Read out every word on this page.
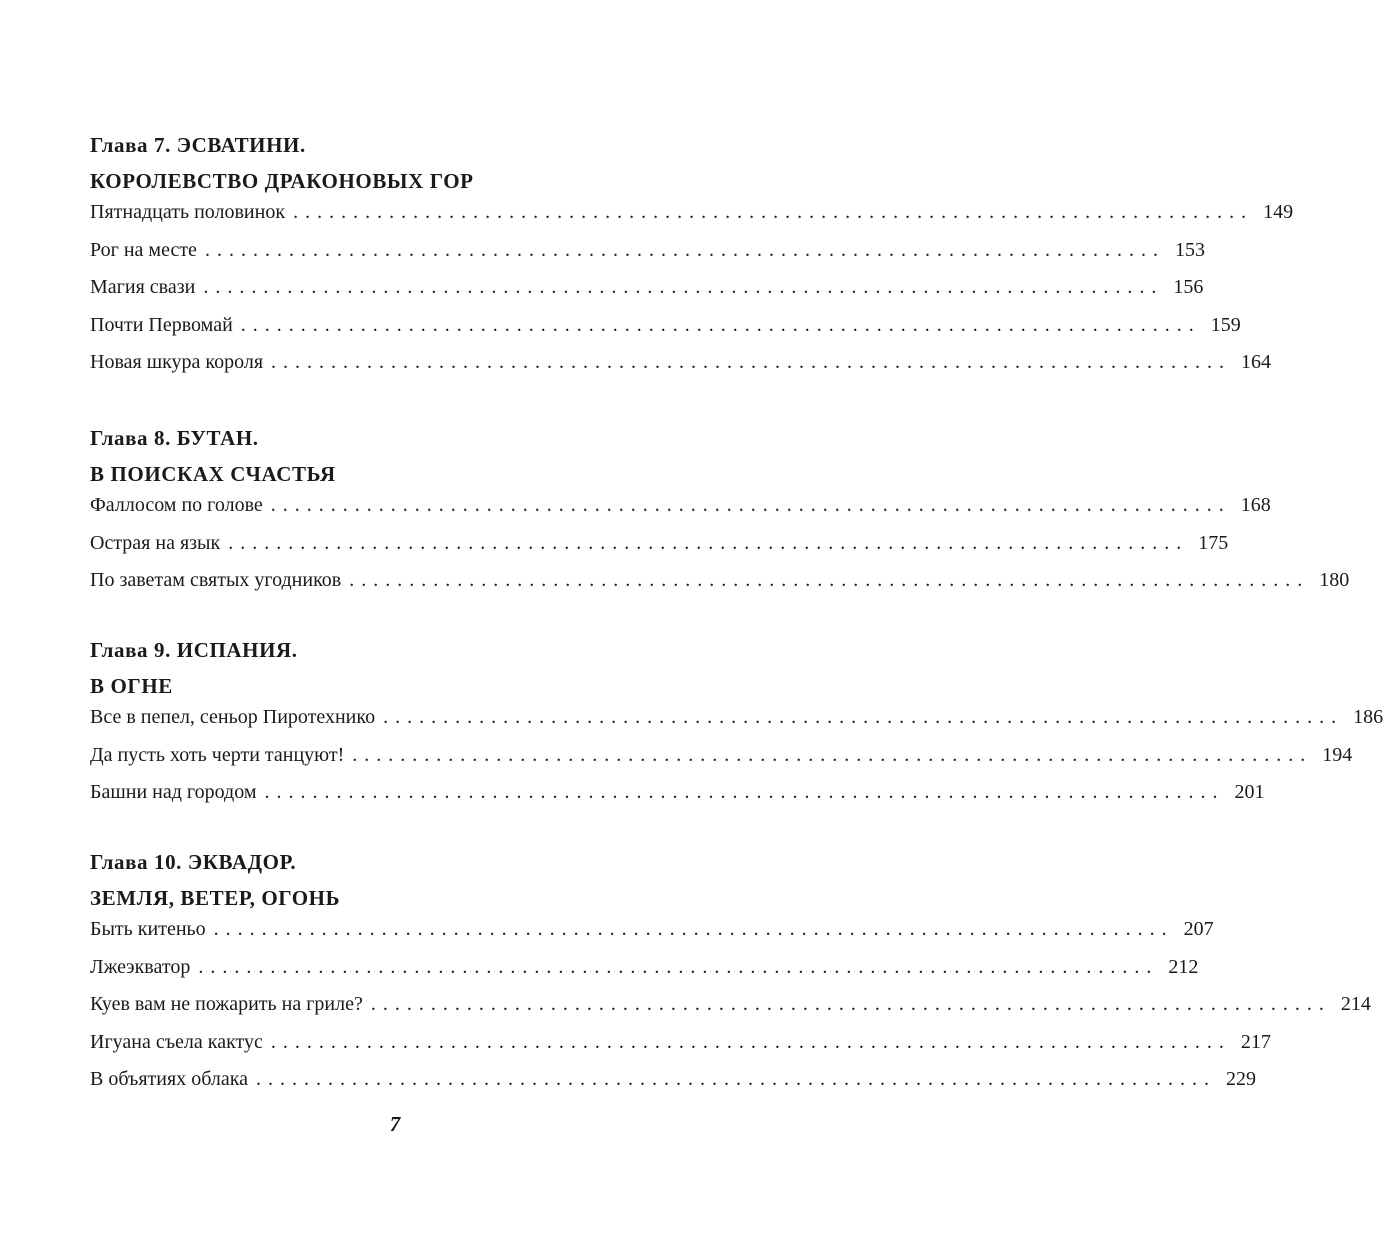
Глава 7. ЭСВАТИНИ.
КОРОЛЕВСТВО ДРАКОНОВЫХ ГОР
Пятнадцать половинок ................................................................................ 149
Рог на месте ................................................................................ 153
Магия свази ................................................................................ 156
Почти Первомай ................................................................................ 159
Новая шкура короля ................................................................................ 164
Глава 8. БУТАН.
В ПОИСКАХ СЧАСТЬЯ
Фаллосом по голове ................................................................................ 168
Острая на язык ................................................................................ 175
По заветам святых угодников ................................................................................ 180
Глава 9. ИСПАНИЯ.
В ОГНЕ
Все в пепел, сеньор Пиротехнико ................................................................................ 186
Да пусть хоть черти танцуют! ................................................................................ 194
Башни над городом ................................................................................ 201
Глава 10. ЭКВАДОР.
ЗЕМЛЯ, ВЕТЕР, ОГОНЬ
Быть китеньо ................................................................................ 207
Лжеэкватор ................................................................................ 212
Куев вам не пожарить на гриле? ................................................................................ 214
Игуана съела кактус ................................................................................ 217
В объятиях облака ................................................................................ 229
7
